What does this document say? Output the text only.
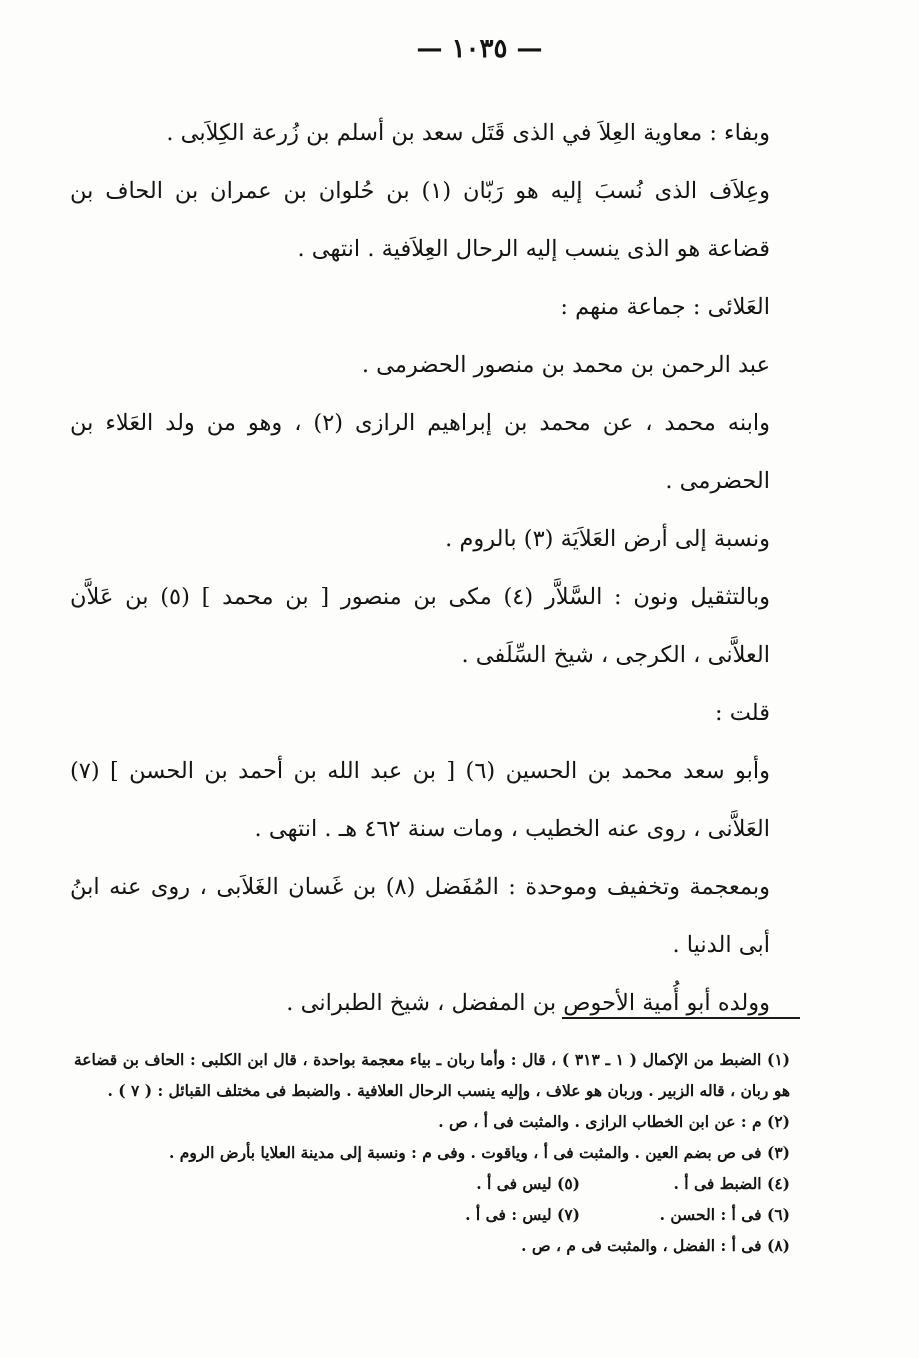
— ١٠٣٥ —

وبفاء : معاوية العِلاَ في الذى قَتَل سعد بن أسلم بن زُرعة الكِلاَبى .

وعِلاَف الذى نُسبَ إليه هو رَبّان (١) بن حُلوان بن عمران بن الحاف بن قضاعة هو الذى ينسب إليه الرحال العِلاَفية . انتهى .

العَلائى : جماعة منهم :

عبد الرحمن بن محمد بن منصور الحضرمى .

وابنه محمد ، عن محمد بن إبراهيم الرازى (٢) ، وهو من ولد العَلاء بن الحضرمى .

ونسبة إلى أرض العَلاَيَة (٣) بالروم .

وبالتثقيل ونون : السَّلاَّر (٤) مكى بن منصور [ بن محمد ] (٥) بن عَلاَّن العلاَّنى ، الكرجى ، شيخ السِّلَفى .

قلت :

وأبو سعد محمد بن الحسين (٦) [ بن عبد الله بن أحمد بن الحسن ] (٧) العَلاَّنى ، روى عنه الخطيب ، ومات سنة ٤٦٢ هـ . انتهى .

وبمعجمة وتخفيف وموحدة : المُفَضل (٨) بن غَسان الغَلاَبى ، روى عنه ابنُ أبى الدنيا .

وولده أبو أُمية الأحوص بن المفضل ، شيخ الطبرانى .

(١) الضبط من الإكمال ( ١ ـ ٣١٣ ) ، قال : وأما ربان ـ بياء معجمة بواحدة ، قال ابن الكلبى : الحاف بن قضاعة هو ربان ، قاله الزبير . وربان هو علاف ، وإليه ينسب الرحال العلافية . والضبط فى مختلف القبائل : ( ٧ ) .

(٢) م : عن ابن الخطاب الرازى . والمثبت فى أ ، ص .

(٣) فى ص بضم العين . والمثبت فى أ ، وياقوت . وفى م : ونسبة إلى مدينة العلايا بأرض الروم .

(٤) الضبط فى أ .(٥) ليس فى أ .

(٦) فى أ : الحسن .(٧) ليس : فى أ .

(٨) فى أ : الفضل ، والمثبت فى م ، ص .
